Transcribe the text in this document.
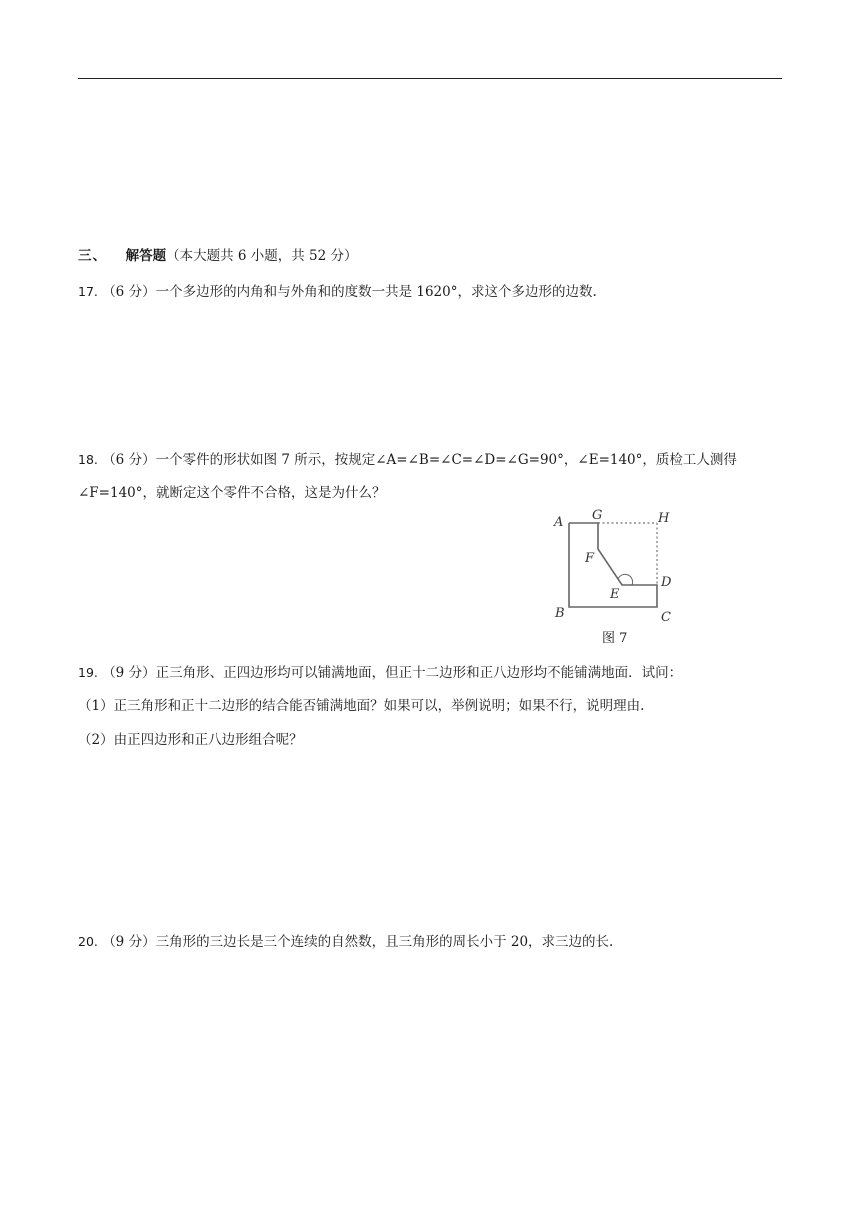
三、 解答题（本大题共 6 小题，共 52 分）
17. （6 分）一个多边形的内角和与外角和的度数一共是 1620°，求这个多边形的边数.
18. （6 分）一个零件的形状如图 7 所示，按规定∠A=∠B=∠C=∠D=∠G=90°，∠E=140°，质检工人测得
∠F=140°，就断定这个零件不合格，这是为什么？
A G	H
F
D
E
B	C
图 7
19. （9 分）正三角形、正四边形均可以铺满地面，但正十二边形和正八边形均不能铺满地面．试问：
（1）正三角形和正十二边形的结合能否铺满地面？如果可以，举例说明；如果不行，说明理由.
（2）由正四边形和正八边形组合呢？
20. （9 分）三角形的三边长是三个连续的自然数，且三角形的周长小于 20，求三边的长.
